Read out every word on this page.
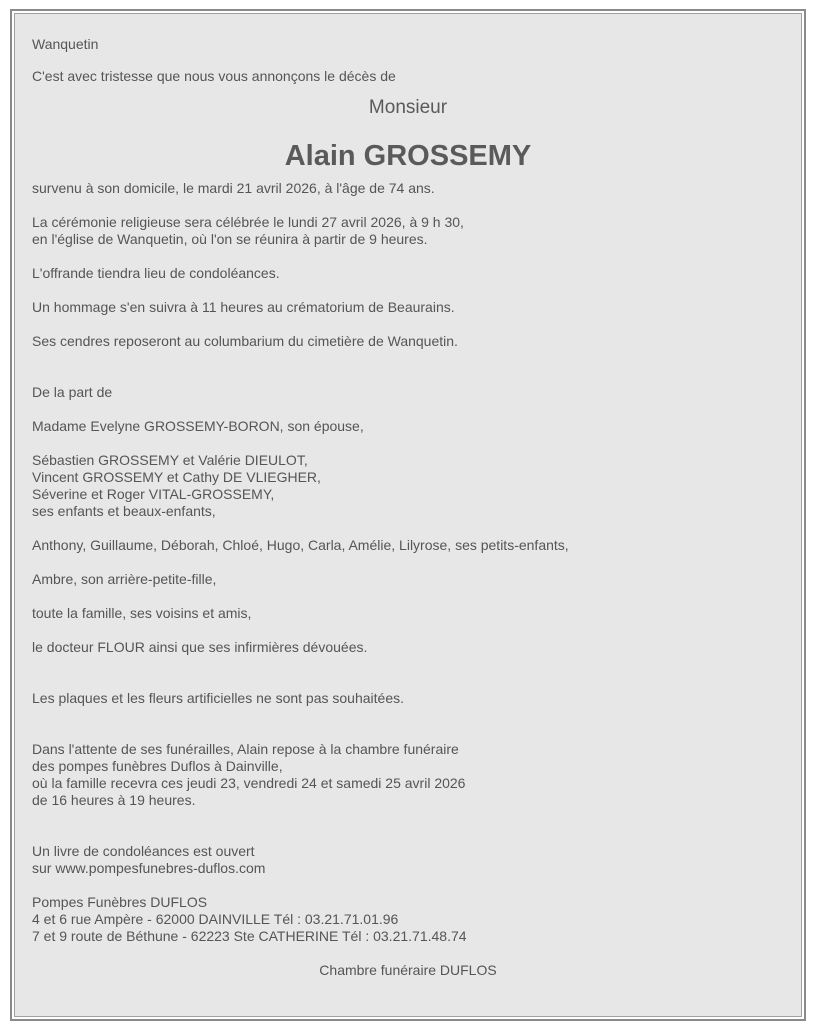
Wanquetin

C'est avec tristesse que nous vous annonçons le décès de

Monsieur

Alain GROSSEMY

survenu à son domicile, le mardi 21 avril 2026, à l'âge de 74 ans.

La cérémonie religieuse sera célébrée le lundi 27 avril 2026, à 9 h 30,
en l'église de Wanquetin, où l'on se réunira à partir de 9 heures.

L'offrande tiendra lieu de condoléances.

Un hommage s'en suivra à 11 heures au crématorium de Beaurains.

Ses cendres reposeront au columbarium du cimetière de Wanquetin.

De la part de

Madame Evelyne GROSSEMY-BORON, son épouse,

Sébastien GROSSEMY et Valérie DIEULOT,
Vincent GROSSEMY et Cathy DE VLIEGHER,
Séverine et Roger VITAL-GROSSEMY,
ses enfants et beaux-enfants,

Anthony, Guillaume, Déborah, Chloé, Hugo, Carla, Amélie, Lilyrose, ses petits-enfants,

Ambre, son arrière-petite-fille,

toute la famille, ses voisins et amis,

le docteur FLOUR ainsi que ses infirmières dévouées.

Les plaques et les fleurs artificielles ne sont pas souhaitées.

Dans l'attente de ses funérailles, Alain repose à la chambre funéraire
des pompes funèbres Duflos à Dainville,
où la famille recevra ces jeudi 23, vendredi 24 et samedi 25 avril 2026
de 16 heures à 19 heures.

Un livre de condoléances est ouvert
sur www.pompesfunebres-duflos.com

Pompes Funèbres DUFLOS
4 et 6 rue Ampère - 62000 DAINVILLE Tél : 03.21.71.01.96
7 et 9 route de Béthune - 62223 Ste CATHERINE Tél : 03.21.71.48.74

Chambre funéraire DUFLOS
